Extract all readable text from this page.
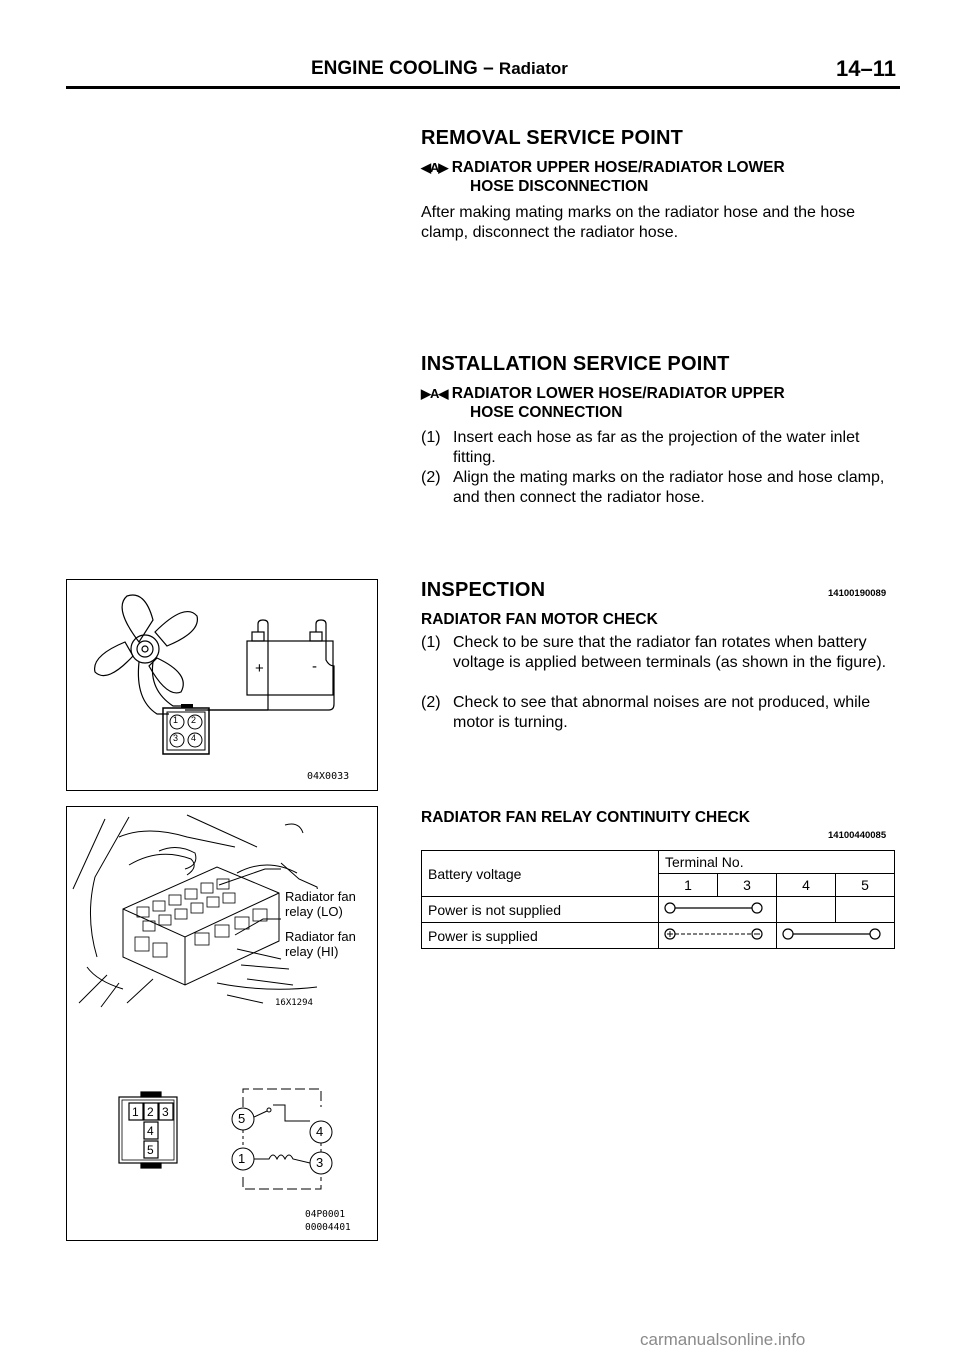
ENGINE COOLING – Radiator	14–11
REMOVAL SERVICE POINT
◀A▶ RADIATOR UPPER HOSE/RADIATOR LOWER
HOSE DISCONNECTION
After making mating marks on the radiator hose and the hose clamp, disconnect the radiator hose.
INSTALLATION SERVICE POINT
▶A◀ RADIATOR LOWER HOSE/RADIATOR UPPER
HOSE CONNECTION
(1) Insert each hose as far as the projection of the water inlet fitting.
(2) Align the mating marks on the radiator hose and hose clamp, and then connect the radiator hose.
INSPECTION	14100190089
RADIATOR FAN MOTOR CHECK
(1) Check to be sure that the radiator fan rotates when battery voltage is applied between terminals (as shown in the figure).
(2) Check to see that abnormal noises are not produced, while motor is turning.
RADIATOR FAN RELAY CONTINUITY CHECK
14100440085
Battery voltage	Terminal No.			
	1	3	4	5
Power is not supplied			
Power is supplied		
+	-
1 2
3 4
04X0033
Radiator fan
relay (LO)
Radiator fan
relay (HI)
16X1294
1 2 3
4
5
5
4
1	3
04P0001
00004401
carmanualsonline.info
